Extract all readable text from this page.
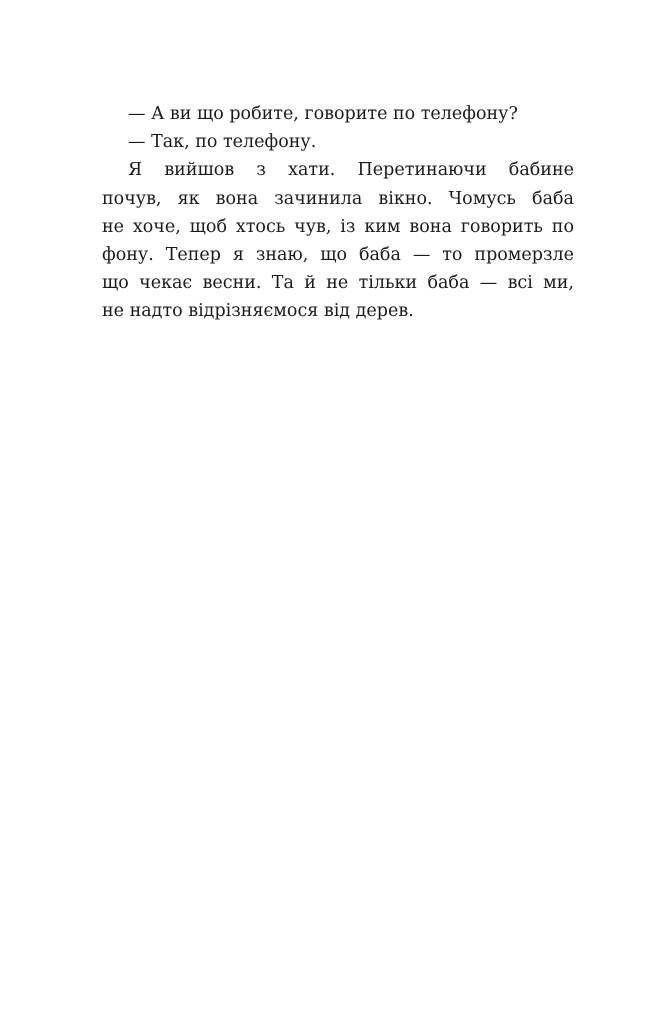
— А ви що робите, говорите по телефону?
— Так, по телефону.
Я вийшов з хати. Перетинаючи бабине
почув, як вона зачинила вікно. Чомусь баба
не хоче, щоб хтось чув, із ким вона говорить по
фону. Тепер я знаю, що баба — то промерзле
що чекає весни. Та й не тільки баба — всі ми,
не надто відрізняємося від дерев.
